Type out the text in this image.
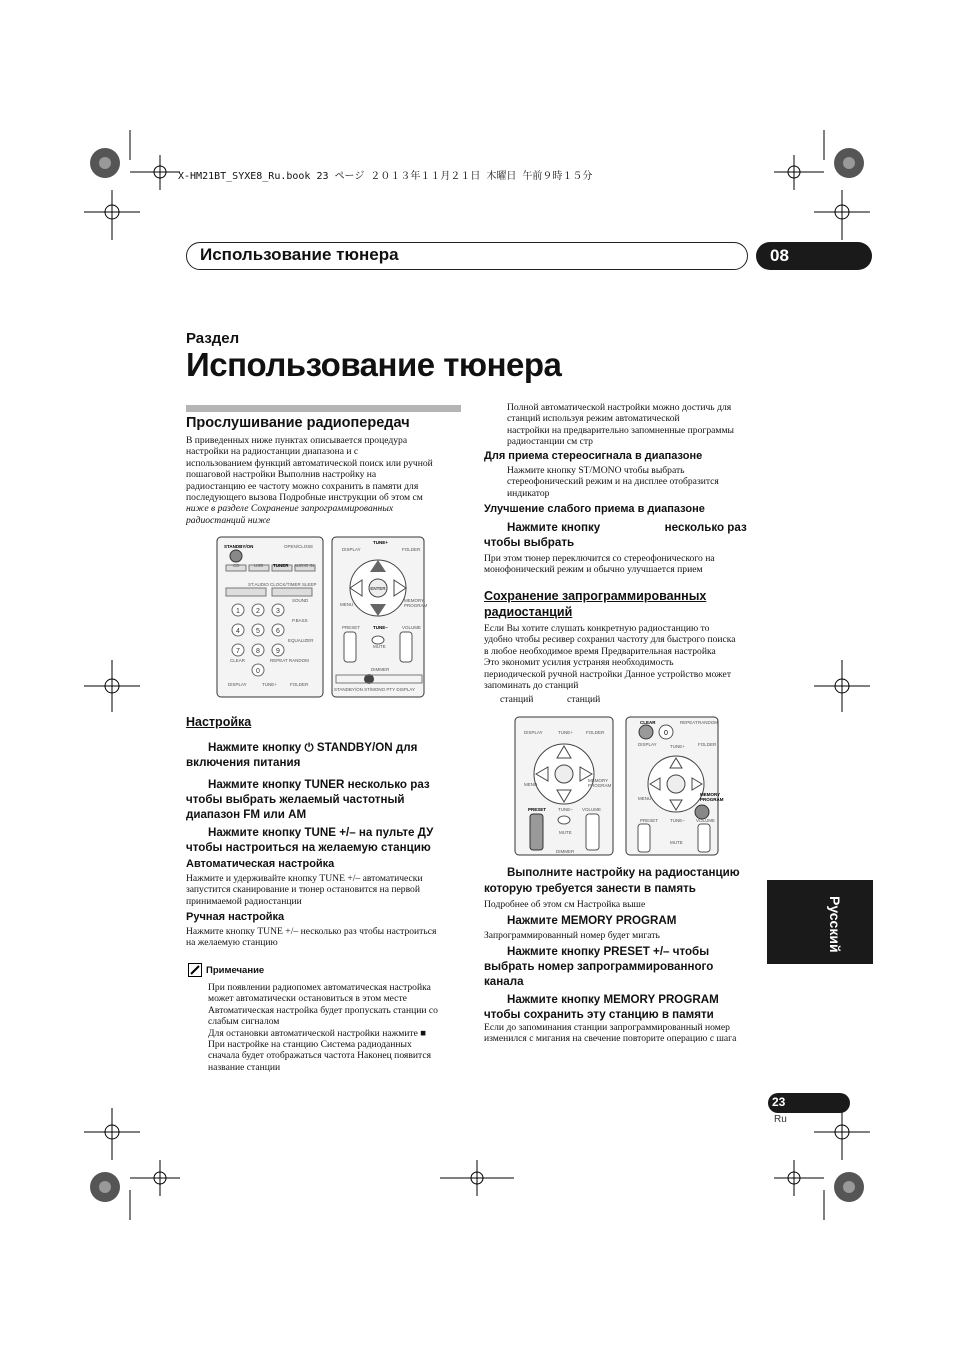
X-HM21BT_SYXE8_Ru.book 23 ページ ２０１３年１１月２１日 木曜日 午前９時１５分
Использование тюнера	08
Раздел
Использование тюнера
Прослушивание радиопередач
В приведенных ниже пунктах описывается процедура
настройки на радиостанции диапазона и с
использованием функций автоматической поиск или ручной
пошаговой настройки Выполнив настройку на
радиостанцию ее частоту можно сохранить в памяти для
последующего вызова Подробные инструкции об этом см
ниже в разделе Сохранение запрограммированных
радиостанций ниже
1 2 3
4 5 6
7 8 9
0
STANDBY/ON	OPEN/CLOSE
CD	USB TUNER AUDIO IN
ST.AUDIO CLOCK/TIMER SLEEP
SOUND
P.BASS
EQUALIZER
CLEAR	REPEAT RANDOM
DISPLAY	TUNE+	FOLDER
DISPLAY
TUNE+
FOLDER
MENU
MEMORY
PROGRAM
PRESET	TUNE–	VOLUME
MUTE
DIMMER
STANDBY/ON ST/MONO PTY DISPLAY
ENTER
Настройка
Нажмите кнопку ⏻ STANDBY/ON для
включения питания
Нажмите кнопку TUNER несколько раз
чтобы выбрать желаемый частотный
диапазон FM или AM
Нажмите кнопку TUNE +/– на пульте ДУ
чтобы настроиться на желаемую станцию
Автоматическая настройка
Нажмите и удерживайте кнопку TUNE +/– автоматически
запустится сканирование и тюнер остановится на первой
принимаемой радиостанции
Ручная настройка
Нажмите кнопку TUNE +/– несколько раз чтобы настроиться
на желаемую станцию
Примечание
При появлении радиопомех автоматическая настройка
может автоматически остановиться в этом месте
Автоматическая настройка будет пропускать станции со
слабым сигналом
Для остановки автоматической настройки нажмите ■
При настройке на станцию Система радиоданных
сначала будет отображаться частота Наконец появится
название станции
Полной автоматической настройки можно достичь для
станций используя режим автоматической
настройки на предварительно запомненные программы
радиостанции см стр
Для приема стереосигнала в диапазоне
Нажмите кнопку ST/MONO чтобы выбрать
стереофонический режим и на дисплее отобразится
индикатор
Улучшение слабого приема в диапазоне
Нажмите кнопку                    несколько раз
чтобы выбрать
При этом тюнер переключится со стереофонического на
монофонический режим и обычно улучшается прием
Сохранение запрограммированных
радиостанций
Если Вы хотите слушать конкретную радиостанцию то
удобно чтобы ресивер сохранил частоту для быстрого поиска
в любое необходимое время Предварительная настройка
Это экономит усилия устраняя необходимость
периодической ручной настройки Данное устройство может
запоминать до станций
станций              станций
0
DISPLAY	TUNE+	FOLDER
MENU
MEMORY
PROGRAM
PRESET	TUNE– VOLUME
MUTE
DIMMER
CLEAR	REPEAT RANDOM
DISPLAY	TUNE+	FOLDER
MENU
MEMORY
PROGRAM
PRESET	TUNE– VOLUME
MUTE
Выполните настройку на радиостанцию
которую требуется занести в память
Подробнее об этом см Настройка выше
Нажмите MEMORY PROGRAM
Запрограммированный номер будет мигать
Нажмите кнопку PRESET +/– чтобы
выбрать номер запрограммированного
канала
Нажмите кнопку MEMORY PROGRAM
чтобы сохранить эту станцию в памяти
Если до запоминания станции запрограммированный номер
изменился с мигания на свечение повторите операцию с шага
Русский
23
Ru
